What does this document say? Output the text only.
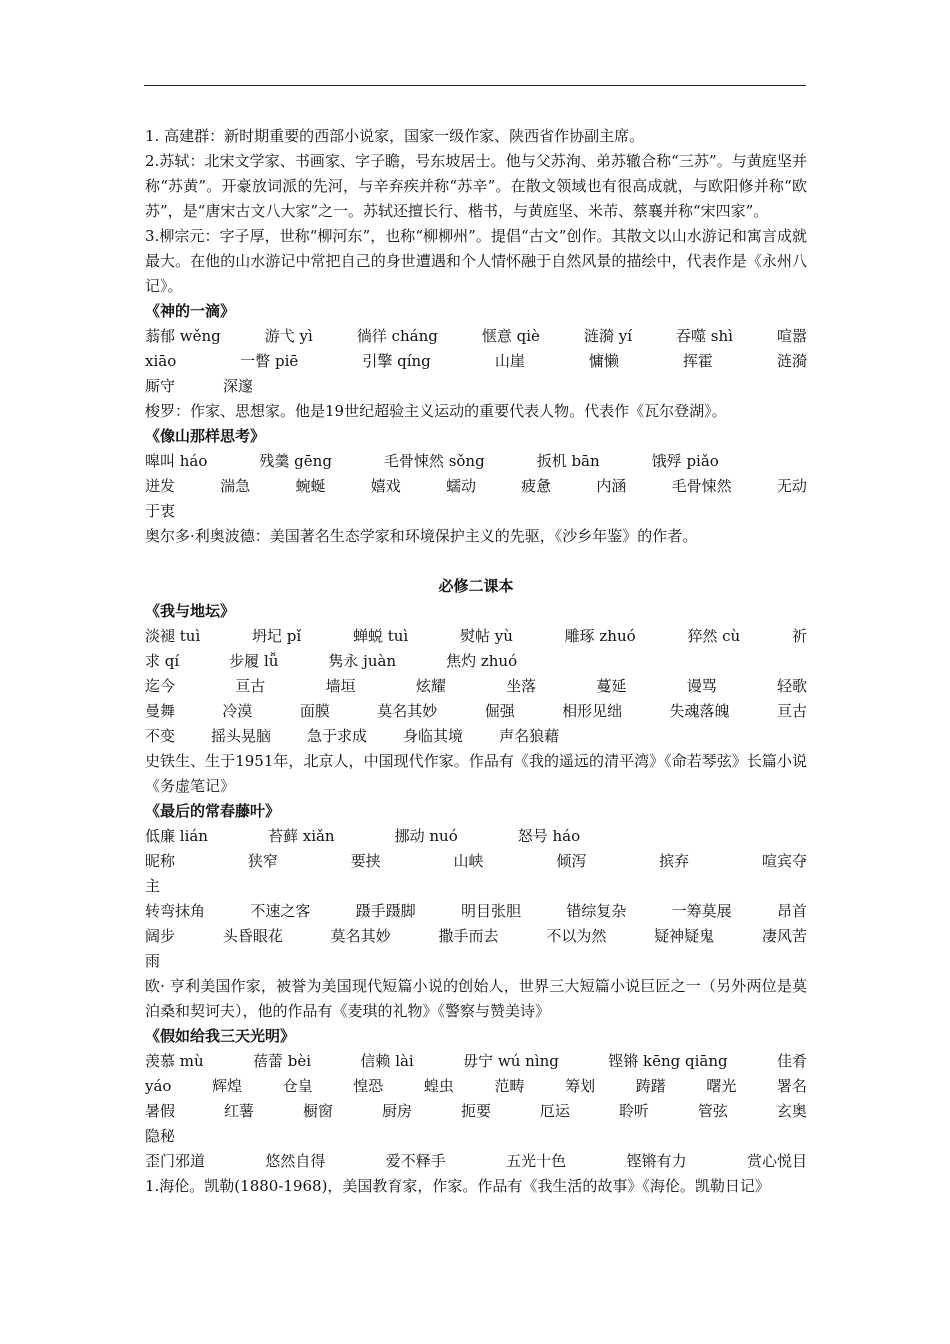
1. 高建群：新时期重要的西部小说家，国家一级作家、陕西省作协副主席。

2.苏轼：北宋文学家、书画家、字子瞻，号东坡居士。他与父苏洵、弟苏辙合称“三苏”。与黄庭坚并称“苏黄”。开豪放词派的先河，与辛弃疾并称“苏辛”。在散文领域也有很高成就，与欧阳修并称“欧苏”，是“唐宋古文八大家”之一。苏轼还擅长行、楷书，与黄庭坚、米芾、蔡襄并称“宋四家”。

3.柳宗元：字子厚，世称“柳河东”，也称“柳柳州”。提倡“古文”创作。其散文以山水游记和寓言成就最大。在他的山水游记中常把自己的身世遭遇和个人情怀融于自然风景的描绘中，代表作是《永州八记》。

《神的一滴》

蓊郁 wěng	游弋 yì	徜徉 cháng	惬意 qiè	涟漪 yí	吞噬 shì	喧嚣
xiāo	一瞥 piē	引擎 qíng	山崖	慵懒	挥霍	涟漪
厮守	深邃

梭罗：作家、思想家。他是19世纪超验主义运动的重要代表人物。代表作《瓦尔登湖》。

《像山那样思考》

嗥叫 háo	残羹 gēng	毛骨悚然 sǒng	扳机 bān	饿殍 piǎo
迸发	湍急	蜿蜒	嬉戏	蠕动	疲惫	内涵	毛骨悚然	无动
于衷

奥尔多·利奥波德：美国著名生态学家和环境保护主义的先驱，《沙乡年鉴》的作者。

必修二课本

《我与地坛》

淡褪 tuì	坍圮 pǐ	蝉蜕 tuì	熨帖 yù	雕琢 zhuó	猝然 cù	祈
求 qí	步履 lǚ	隽永 juàn	焦灼 zhuó
迄今	亘古	墙垣	炫耀	坐落	蔓延	谩骂	轻歌
曼舞	冷漠	面膜	莫名其妙	倔强	相形见绌	失魂落魄	亘古
不变 摇头晃脑 急于求成 身临其境 声名狼藉

史铁生、生于1951年，北京人，中国现代作家。作品有《我的遥远的清平湾》《命若琴弦》长篇小说《务虚笔记》

《最后的常春藤叶》

低廉 lián	苔藓 xiǎn	挪动 nuó	怒号 háo
昵称	狭窄	要挟	山峡	倾泻	摈弃	喧宾夺
主
转弯抹角	不速之客	蹑手蹑脚	明目张胆	错综复杂	一筹莫展	昂首
阔步	头昏眼花	莫名其妙	撒手而去	不以为然	疑神疑鬼	凄风苦
雨

欧· 亨利美国作家，被誉为美国现代短篇小说的创始人，世界三大短篇小说巨匠之一（另外两位是莫泊桑和契诃夫），他的作品有《麦琪的礼物》《警察与赞美诗》

《假如给我三天光明》

羡慕 mù	蓓蕾 bèi	信赖 lài	毋宁 wú nìng	铿锵 kēng qiāng	佳肴
yáo	辉煌	仓皇	惶恐	蝗虫	范畴	筹划	踌躇	曙光	署名
暑假	红薯	橱窗	厨房	扼要	厄运	聆听	管弦	玄奥
隐秘
歪门邪道	悠然自得	爱不释手	五光十色	铿锵有力	赏心悦目

1.海伦。凯勒(1880-1968)，美国教育家，作家。作品有《我生活的故事》《海伦。凯勒日记》
